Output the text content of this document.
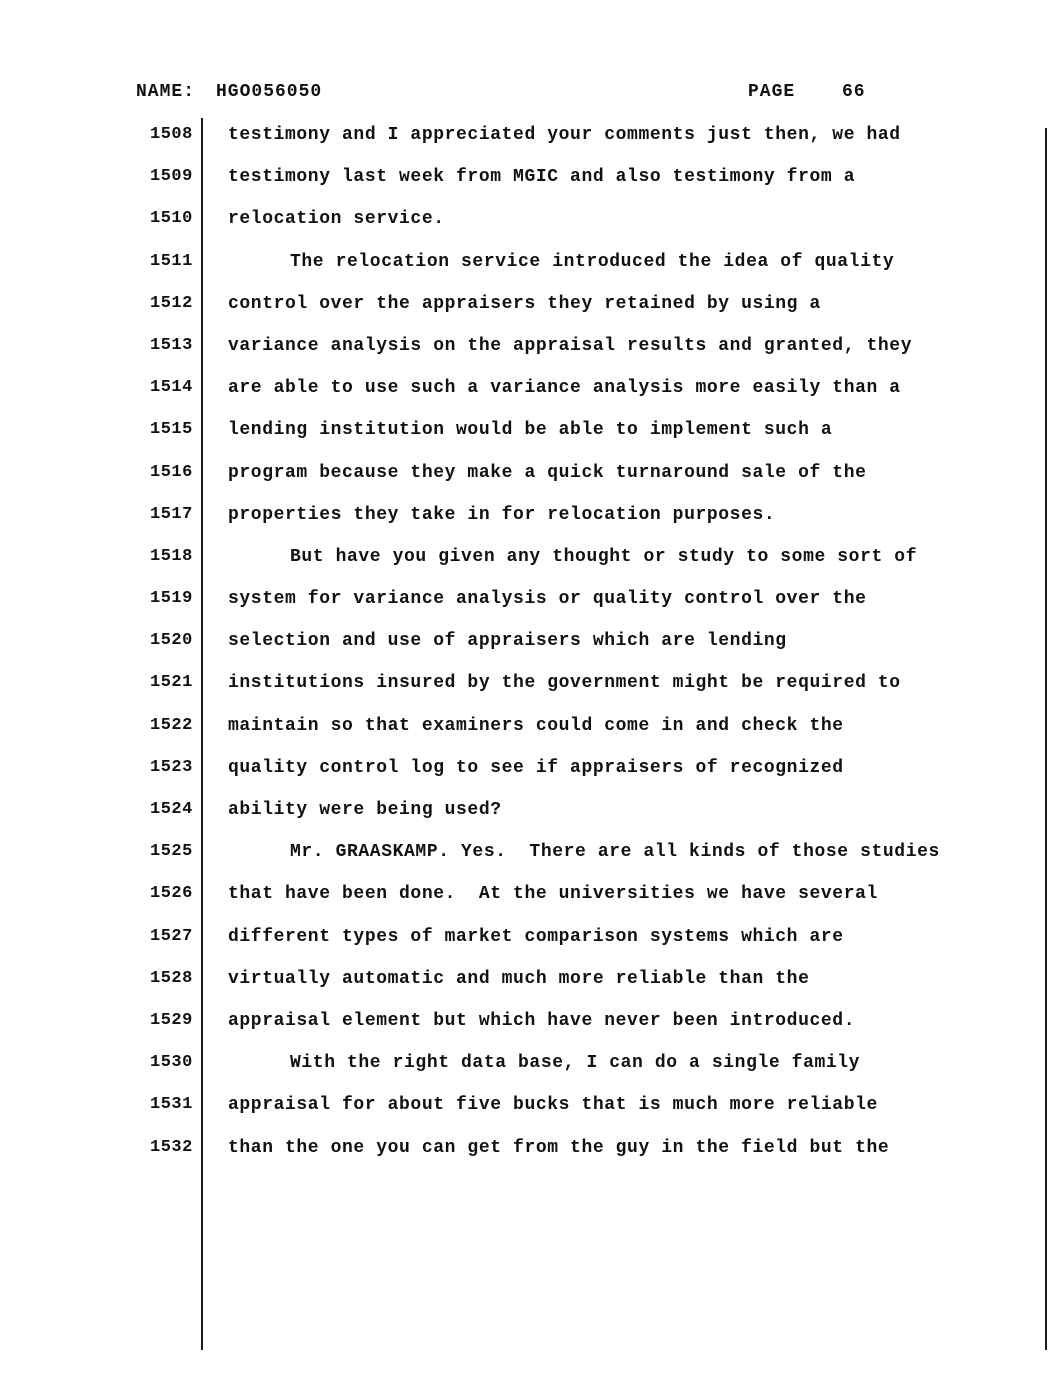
NAME: HGO056050	PAGE	66
1508 testimony and I appreciated your comments just then, we had
1509 testimony last week from MGIC and also testimony from a
1510 relocation service.
1511	The relocation service introduced the idea of quality
1512 control over the appraisers they retained by using a
1513 variance analysis on the appraisal results and granted, they
1514 are able to use such a variance analysis more easily than a
1515 lending institution would be able to implement such a
1516 program because they make a quick turnaround sale of the
1517 properties they take in for relocation purposes.
1518	But have you given any thought or study to some sort of
1519 system for variance analysis or quality control over the
1520 selection and use of appraisers which are lending
1521 institutions insured by the government might be required to
1522 maintain so that examiners could come in and check the
1523 quality control log to see if appraisers of recognized
1524 ability were being used?
1525	Mr. GRAASKAMP. Yes.  There are all kinds of those studies
1526 that have been done.  At the universities we have several
1527 different types of market comparison systems which are
1528 virtually automatic and much more reliable than the
1529 appraisal element but which have never been introduced.
1530	With the right data base, I can do a single family
1531 appraisal for about five bucks that is much more reliable
1532 than the one you can get from the guy in the field but the
